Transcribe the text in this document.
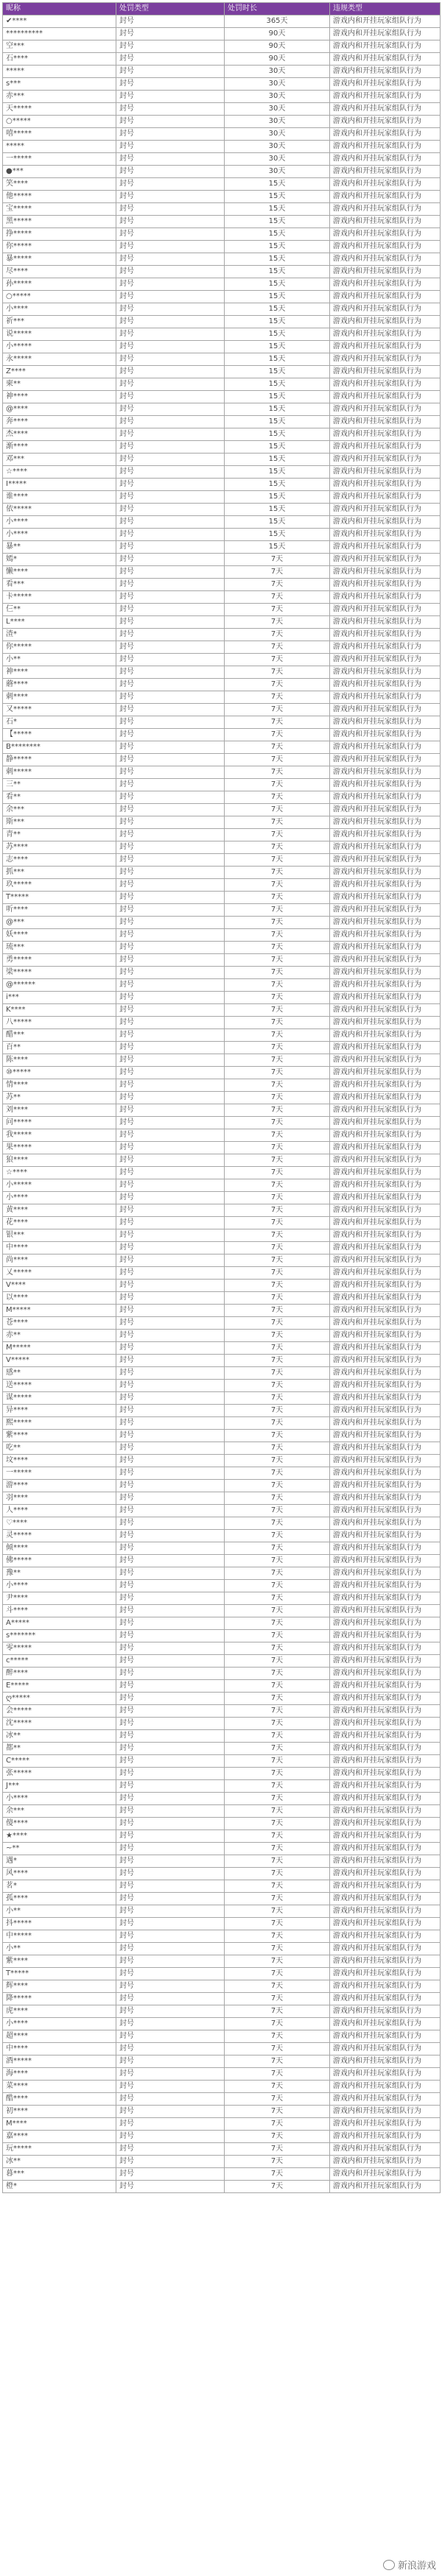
昵称	处罚类型	处罚时长	违规类型
✔****	封号	365天	游戏内和开挂玩家组队行为
**********	封号	90天	游戏内和开挂玩家组队行为
空***	封号	90天	游戏内和开挂玩家组队行为
石****	封号	90天	游戏内和开挂玩家组队行为
*****	封号	30天	游戏内和开挂玩家组队行为
s***	封号	30天	游戏内和开挂玩家组队行为
赤***	封号	30天	游戏内和开挂玩家组队行为
天*****	封号	30天	游戏内和开挂玩家组队行为
○*****	封号	30天	游戏内和开挂玩家组队行为
嘻*****	封号	30天	游戏内和开挂玩家组队行为
*****	封号	30天	游戏内和开挂玩家组队行为
一*****	封号	30天	游戏内和开挂玩家组队行为
●***	封号	30天	游戏内和开挂玩家组队行为
笑****	封号	15天	游戏内和开挂玩家组队行为
他*****	封号	15天	游戏内和开挂玩家组队行为
宝*****	封号	15天	游戏内和开挂玩家组队行为
黑*****	封号	15天	游戏内和开挂玩家组队行为
挣*****	封号	15天	游戏内和开挂玩家组队行为
你*****	封号	15天	游戏内和开挂玩家组队行为
暴*****	封号	15天	游戏内和开挂玩家组队行为
尽****	封号	15天	游戏内和开挂玩家组队行为
孙*****	封号	15天	游戏内和开挂玩家组队行为
○*****	封号	15天	游戏内和开挂玩家组队行为
小****	封号	15天	游戏内和开挂玩家组队行为
祈***	封号	15天	游戏内和开挂玩家组队行为
说*****	封号	15天	游戏内和开挂玩家组队行为
小*****	封号	15天	游戏内和开挂玩家组队行为
永*****	封号	15天	游戏内和开挂玩家组队行为
Z****	封号	15天	游戏内和开挂玩家组队行为
柬**	封号	15天	游戏内和开挂玩家组队行为
神****	封号	15天	游戏内和开挂玩家组队行为
@****	封号	15天	游戏内和开挂玩家组队行为
奔****	封号	15天	游戏内和开挂玩家组队行为
杰****	封号	15天	游戏内和开挂玩家组队行为
渐****	封号	15天	游戏内和开挂玩家组队行为
邓***	封号	15天	游戏内和开挂玩家组队行为
☆****	封号	15天	游戏内和开挂玩家组队行为
I*****	封号	15天	游戏内和开挂玩家组队行为
谁****	封号	15天	游戏内和开挂玩家组队行为
依*****	封号	15天	游戏内和开挂玩家组队行为
小****	封号	15天	游戏内和开挂玩家组队行为
小****	封号	15天	游戏内和开挂玩家组队行为
暴**	封号	15天	游戏内和开挂玩家组队行为
嫣*	封号	7天	游戏内和开挂玩家组队行为
懒****	封号	7天	游戏内和开挂玩家组队行为
看***	封号	7天	游戏内和开挂玩家组队行为
卡*****	封号	7天	游戏内和开挂玩家组队行为
仨**	封号	7天	游戏内和开挂玩家组队行为
L****	封号	7天	游戏内和开挂玩家组队行为
渣*	封号	7天	游戏内和开挂玩家组队行为
你*****	封号	7天	游戏内和开挂玩家组队行为
小**	封号	7天	游戏内和开挂玩家组队行为
神****	封号	7天	游戏内和开挂玩家组队行为
蘑****	封号	7天	游戏内和开挂玩家组队行为
刺****	封号	7天	游戏内和开挂玩家组队行为
又*****	封号	7天	游戏内和开挂玩家组队行为
石*	封号	7天	游戏内和开挂玩家组队行为
【*****	封号	7天	游戏内和开挂玩家组队行为
B********	封号	7天	游戏内和开挂玩家组队行为
静*****	封号	7天	游戏内和开挂玩家组队行为
刺*****	封号	7天	游戏内和开挂玩家组队行为
三**	封号	7天	游戏内和开挂玩家组队行为
看**	封号	7天	游戏内和开挂玩家组队行为
余***	封号	7天	游戏内和开挂玩家组队行为
斯***	封号	7天	游戏内和开挂玩家组队行为
青**	封号	7天	游戏内和开挂玩家组队行为
苏****	封号	7天	游戏内和开挂玩家组队行为
志****	封号	7天	游戏内和开挂玩家组队行为
抓***	封号	7天	游戏内和开挂玩家组队行为
玖*****	封号	7天	游戏内和开挂玩家组队行为
T*****	封号	7天	游戏内和开挂玩家组队行为
听****	封号	7天	游戏内和开挂玩家组队行为
@***	封号	7天	游戏内和开挂玩家组队行为
妖****	封号	7天	游戏内和开挂玩家组队行为
琉***	封号	7天	游戏内和开挂玩家组队行为
勇*****	封号	7天	游戏内和开挂玩家组队行为
梁*****	封号	7天	游戏内和开挂玩家组队行为
@******	封号	7天	游戏内和开挂玩家组队行为
i***	封号	7天	游戏内和开挂玩家组队行为
K****	封号	7天	游戏内和开挂玩家组队行为
八*****	封号	7天	游戏内和开挂玩家组队行为
醋***	封号	7天	游戏内和开挂玩家组队行为
百**	封号	7天	游戏内和开挂玩家组队行为
陈****	封号	7天	游戏内和开挂玩家组队行为
⑩*****	封号	7天	游戏内和开挂玩家组队行为
情****	封号	7天	游戏内和开挂玩家组队行为
苏**	封号	7天	游戏内和开挂玩家组队行为
刘****	封号	7天	游戏内和开挂玩家组队行为
问*****	封号	7天	游戏内和开挂玩家组队行为
我*****	封号	7天	游戏内和开挂玩家组队行为
果*****	封号	7天	游戏内和开挂玩家组队行为
狼****	封号	7天	游戏内和开挂玩家组队行为
☆****	封号	7天	游戏内和开挂玩家组队行为
小*****	封号	7天	游戏内和开挂玩家组队行为
小****	封号	7天	游戏内和开挂玩家组队行为
黄****	封号	7天	游戏内和开挂玩家组队行为
花****	封号	7天	游戏内和开挂玩家组队行为
银***	封号	7天	游戏内和开挂玩家组队行为
中****	封号	7天	游戏内和开挂玩家组队行为
尚****	封号	7天	游戏内和开挂玩家组队行为
乂*****	封号	7天	游戏内和开挂玩家组队行为
V****	封号	7天	游戏内和开挂玩家组队行为
以****	封号	7天	游戏内和开挂玩家组队行为
M*****	封号	7天	游戏内和开挂玩家组队行为
苍****	封号	7天	游戏内和开挂玩家组队行为
赤**	封号	7天	游戏内和开挂玩家组队行为
M*****	封号	7天	游戏内和开挂玩家组队行为
V*****	封号	7天	游戏内和开挂玩家组队行为
感**	封号	7天	游戏内和开挂玩家组队行为
送*****	封号	7天	游戏内和开挂玩家组队行为
谋*****	封号	7天	游戏内和开挂玩家组队行为
异****	封号	7天	游戏内和开挂玩家组队行为
熙*****	封号	7天	游戏内和开挂玩家组队行为
紫****	封号	7天	游戏内和开挂玩家组队行为
吃**	封号	7天	游戏内和开挂玩家组队行为
坟****	封号	7天	游戏内和开挂玩家组队行为
一*****	封号	7天	游戏内和开挂玩家组队行为
游****	封号	7天	游戏内和开挂玩家组队行为
羽****	封号	7天	游戏内和开挂玩家组队行为
人****	封号	7天	游戏内和开挂玩家组队行为
♡****	封号	7天	游戏内和开挂玩家组队行为
灵*****	封号	7天	游戏内和开挂玩家组队行为
倾****	封号	7天	游戏内和开挂玩家组队行为
佛*****	封号	7天	游戏内和开挂玩家组队行为
豫**	封号	7天	游戏内和开挂玩家组队行为
小****	封号	7天	游戏内和开挂玩家组队行为
尹****	封号	7天	游戏内和开挂玩家组队行为
斗****	封号	7天	游戏内和开挂玩家组队行为
A*****	封号	7天	游戏内和开挂玩家组队行为
s*******	封号	7天	游戏内和开挂玩家组队行为
零*****	封号	7天	游戏内和开挂玩家组队行为
c*****	封号	7天	游戏内和开挂玩家组队行为
醉****	封号	7天	游戏内和开挂玩家组队行为
E*****	封号	7天	游戏内和开挂玩家组队行为
ღ*****	封号	7天	游戏内和开挂玩家组队行为
会*****	封号	7天	游戏内和开挂玩家组队行为
沈*****	封号	7天	游戏内和开挂玩家组队行为
冰**	封号	7天	游戏内和开挂玩家组队行为
都**	封号	7天	游戏内和开挂玩家组队行为
C*****	封号	7天	游戏内和开挂玩家组队行为
张*****	封号	7天	游戏内和开挂玩家组队行为
J***	封号	7天	游戏内和开挂玩家组队行为
小****	封号	7天	游戏内和开挂玩家组队行为
余***	封号	7天	游戏内和开挂玩家组队行为
傻****	封号	7天	游戏内和开挂玩家组队行为
★****	封号	7天	游戏内和开挂玩家组队行为
~**	封号	7天	游戏内和开挂玩家组队行为
遇*	封号	7天	游戏内和开挂玩家组队行为
风****	封号	7天	游戏内和开挂玩家组队行为
茗*	封号	7天	游戏内和开挂玩家组队行为
孤****	封号	7天	游戏内和开挂玩家组队行为
小**	封号	7天	游戏内和开挂玩家组队行为
抖*****	封号	7天	游戏内和开挂玩家组队行为
中*****	封号	7天	游戏内和开挂玩家组队行为
小**	封号	7天	游戏内和开挂玩家组队行为
紫****	封号	7天	游戏内和开挂玩家组队行为
T*****	封号	7天	游戏内和开挂玩家组队行为
辉****	封号	7天	游戏内和开挂玩家组队行为
降*****	封号	7天	游戏内和开挂玩家组队行为
虎****	封号	7天	游戏内和开挂玩家组队行为
小****	封号	7天	游戏内和开挂玩家组队行为
超****	封号	7天	游戏内和开挂玩家组队行为
中****	封号	7天	游戏内和开挂玩家组队行为
酒*****	封号	7天	游戏内和开挂玩家组队行为
海****	封号	7天	游戏内和开挂玩家组队行为
菜****	封号	7天	游戏内和开挂玩家组队行为
酷****	封号	7天	游戏内和开挂玩家组队行为
初****	封号	7天	游戏内和开挂玩家组队行为
M****	封号	7天	游戏内和开挂玩家组队行为
嘉****	封号	7天	游戏内和开挂玩家组队行为
玩*****	封号	7天	游戏内和开挂玩家组队行为
冰**	封号	7天	游戏内和开挂玩家组队行为
暮***	封号	7天	游戏内和开挂玩家组队行为
橙*	封号	7天	游戏内和开挂玩家组队行为
新浪游戏
